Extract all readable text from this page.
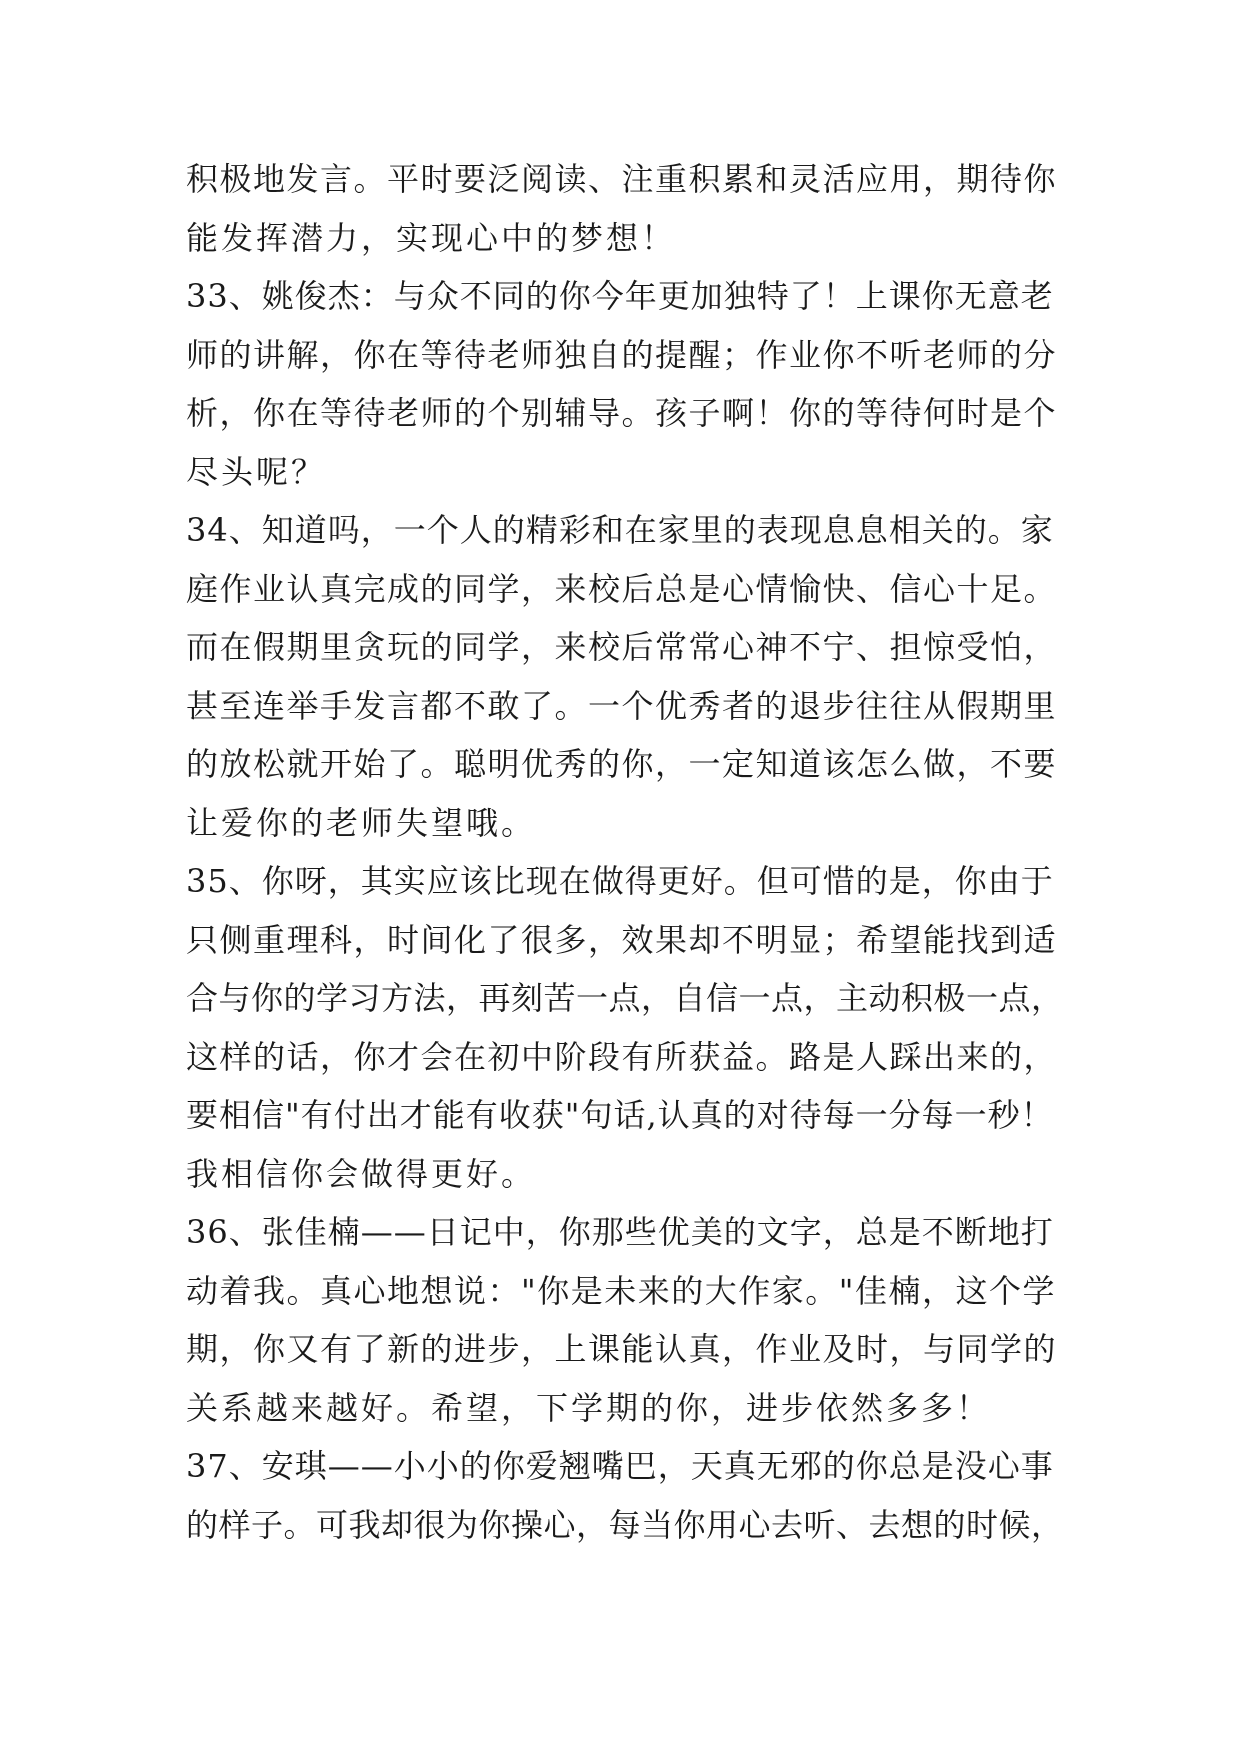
积极地发言。平时要泛阅读、注重积累和灵活应用，期待你
能发挥潜力，实现心中的梦想！
33、姚俊杰：与众不同的你今年更加独特了！上课你无意老
师的讲解，你在等待老师独自的提醒；作业你不听老师的分
析，你在等待老师的个别辅导。孩子啊！你的等待何时是个
尽头呢？
34、知道吗，一个人的精彩和在家里的表现息息相关的。家
庭作业认真完成的同学，来校后总是心情愉快、信心十足。
而在假期里贪玩的同学，来校后常常心神不宁、担惊受怕，
甚至连举手发言都不敢了。一个优秀者的退步往往从假期里
的放松就开始了。聪明优秀的你，一定知道该怎么做，不要
让爱你的老师失望哦。
35、你呀，其实应该比现在做得更好。但可惜的是，你由于
只侧重理科，时间化了很多，效果却不明显；希望能找到适
合与你的学习方法，再刻苦一点，自信一点，主动积极一点，
这样的话，你才会在初中阶段有所获益。路是人踩出来的，
要相信"有付出才能有收获"句话,认真的对待每一分每一秒！
我相信你会做得更好。
36、张佳楠——日记中，你那些优美的文字，总是不断地打
动着我。真心地想说："你是未来的大作家。"佳楠，这个学
期，你又有了新的进步，上课能认真，作业及时，与同学的
关系越来越好。希望，下学期的你，进步依然多多！
37、安琪——小小的你爱翘嘴巴，天真无邪的你总是没心事
的样子。可我却很为你操心，每当你用心去听、去想的时候，
